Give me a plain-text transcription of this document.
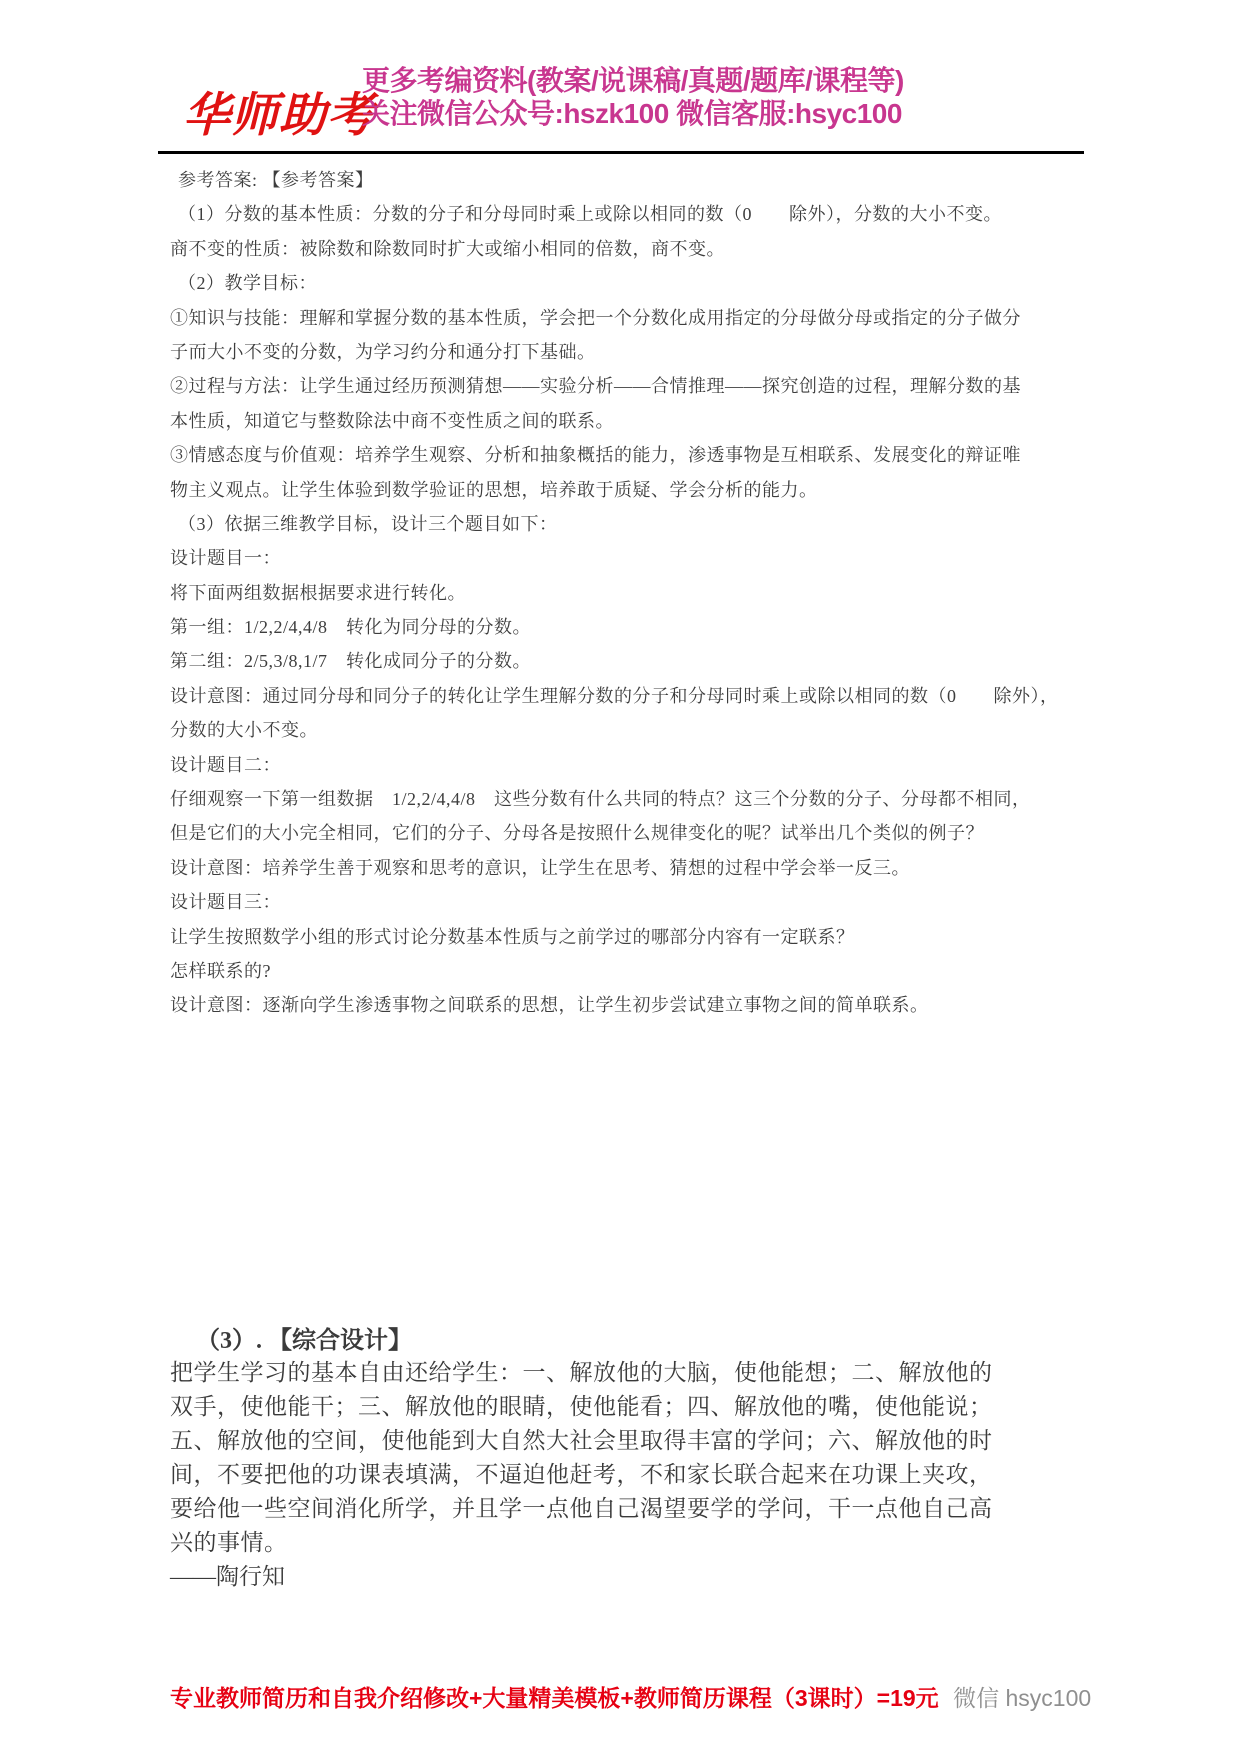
华师助考
更多考编资料(教案/说课稿/真题/题库/课程等)
关注微信公众号:hszk100 微信客服:hsyc100
参考答案: 【参考答案】
（1）分数的基本性质：分数的分子和分母同时乘上或除以相同的数（0　　除外），分数的大小不变。
商不变的性质：被除数和除数同时扩大或缩小相同的倍数，商不变。
（2）教学目标：
①知识与技能：理解和掌握分数的基本性质，学会把一个分数化成用指定的分母做分母或指定的分子做分
子而大小不变的分数，为学习约分和通分打下基础。
②过程与方法：让学生通过经历预测猜想——实验分析——合情推理——探究创造的过程，理解分数的基
本性质，知道它与整数除法中商不变性质之间的联系。
③情感态度与价值观：培养学生观察、分析和抽象概括的能力，渗透事物是互相联系、发展变化的辩证唯
物主义观点。让学生体验到数学验证的思想，培养敢于质疑、学会分析的能力。
（3）依据三维教学目标，设计三个题目如下：
设计题目一：
将下面两组数据根据要求进行转化。
第一组：1/2,2/4,4/8　转化为同分母的分数。
第二组：2/5,3/8,1/7　转化成同分子的分数。
设计意图：通过同分母和同分子的转化让学生理解分数的分子和分母同时乘上或除以相同的数（0　　除外），
分数的大小不变。
设计题目二：
仔细观察一下第一组数据　1/2,2/4,4/8　这些分数有什么共同的特点？这三个分数的分子、分母都不相同，
但是它们的大小完全相同，它们的分子、分母各是按照什么规律变化的呢？试举出几个类似的例子？
设计意图：培养学生善于观察和思考的意识，让学生在思考、猜想的过程中学会举一反三。
设计题目三：
让学生按照数学小组的形式讨论分数基本性质与之前学过的哪部分内容有一定联系？
怎样联系的?
设计意图：逐渐向学生渗透事物之间联系的思想，让学生初步尝试建立事物之间的简单联系。
（3）. 【综合设计】
把学生学习的基本自由还给学生：一、解放他的大脑，使他能想；二、解放他的
双手，使他能干；三、解放他的眼睛，使他能看；四、解放他的嘴，使他能说；
五、解放他的空间，使他能到大自然大社会里取得丰富的学问；六、解放他的时
间，不要把他的功课表填满，不逼迫他赶考，不和家长联合起来在功课上夹攻，
要给他一些空间消化所学，并且学一点他自己渴望要学的学问，干一点他自己高
兴的事情。
——陶行知
专业教师简历和自我介绍修改+大量精美模板+教师简历课程（3课时）=19元 微信 hsyc100
